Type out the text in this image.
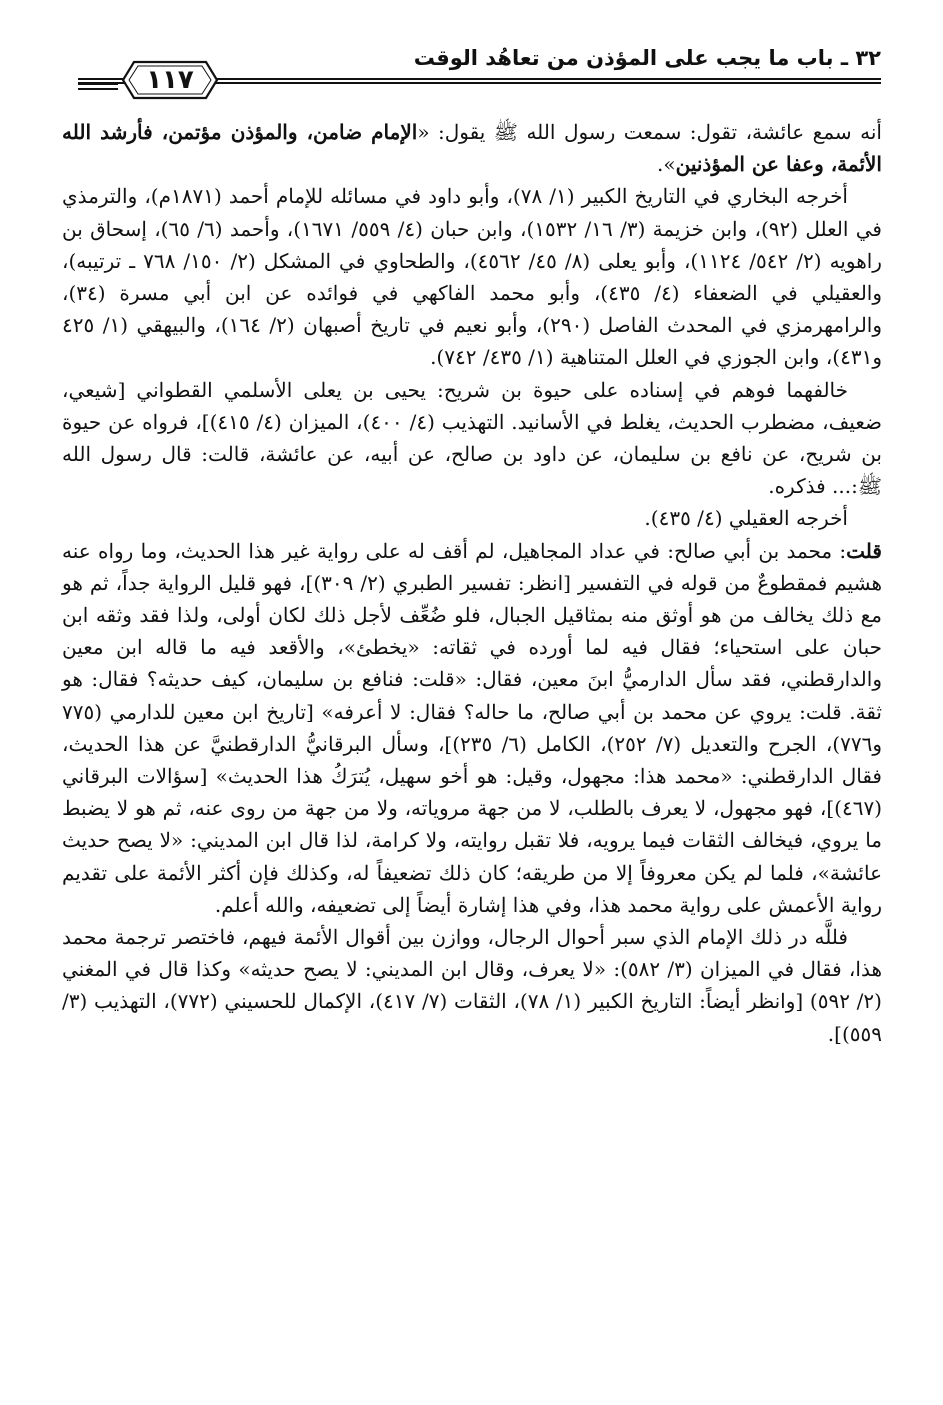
٣٢ ـ باب ما يجب على المؤذن من تعاهُد الوقت
١١٧

أنه سمع عائشة، تقول: سمعت رسول الله ﷺ يقول: «الإمام ضامن، والمؤذن مؤتمن، فأرشد الله الأئمة، وعفا عن المؤذنين».

أخرجه البخاري في التاريخ الكبير (١/ ٧٨)، وأبو داود في مسائله للإمام أحمد (١٨٧١م)، والترمذي في العلل (٩٢)، وابن خزيمة (٣/ ١٦/ ١٥٣٢)، وابن حبان (٤/ ٥٥٩/ ١٦٧١)، وأحمد (٦/ ٦٥)، إسحاق بن راهويه (٢/ ٥٤٢/ ١١٢٤)، وأبو يعلى (٨/ ٤٥/ ٤٥٦٢)، والطحاوي في المشكل (٢/ ١٥٠/ ٧٦٨ ـ ترتيبه)، والعقيلي في الضعفاء (٤/ ٤٣٥)، وأبو محمد الفاكهي في فوائده عن ابن أبي مسرة (٣٤)، والرامهرمزي في المحدث الفاصل (٢٩٠)، وأبو نعيم في تاريخ أصبهان (٢/ ١٦٤)، والبيهقي (١/ ٤٢٥ و٤٣١)، وابن الجوزي في العلل المتناهية (١/ ٤٣٥/ ٧٤٢).

خالفهما فوهم في إسناده على حيوة بن شريح: يحيى بن يعلى الأسلمي القطواني [شيعي، ضعيف، مضطرب الحديث، يغلط في الأسانيد. التهذيب (٤/ ٤٠٠)، الميزان (٤/ ٤١٥)]، فرواه عن حيوة بن شريح، عن نافع بن سليمان، عن داود بن صالح، عن أبيه، عن عائشة، قالت: قال رسول الله ﷺ:... فذكره.

أخرجه العقيلي (٤/ ٤٣٥).

قلت: محمد بن أبي صالح: في عداد المجاهيل، لم أقف له على رواية غير هذا الحديث، وما رواه عنه هشيم فمقطوعٌ من قوله في التفسير [انظر: تفسير الطبري (٢/ ٣٠٩)]، فهو قليل الرواية جداً، ثم هو مع ذلك يخالف من هو أوثق منه بمثاقيل الجبال، فلو ضُعِّف لأجل ذلك لكان أولى، ولذا فقد وثقه ابن حبان على استحياء؛ فقال فيه لما أورده في ثقاته: «يخطئ»، والأقعد فيه ما قاله ابن معين والدارقطني، فقد سأل الدارميُّ ابنَ معين، فقال: «قلت: فنافع بن سليمان، كيف حديثه؟ فقال: هو ثقة. قلت: يروي عن محمد بن أبي صالح، ما حاله؟ فقال: لا أعرفه» [تاريخ ابن معين للدارمي (٧٧٥ و٧٧٦)، الجرح والتعديل (٧/ ٢٥٢)، الكامل (٦/ ٢٣٥)]، وسأل البرقانيُّ الدارقطنيَّ عن هذا الحديث، فقال الدارقطني: «محمد هذا: مجهول، وقيل: هو أخو سهيل، يُترَكُ هذا الحديث» [سؤالات البرقاني (٤٦٧)]، فهو مجهول، لا يعرف بالطلب، لا من جهة مروياته، ولا من جهة من روى عنه، ثم هو لا يضبط ما يروي، فيخالف الثقات فيما يرويه، فلا تقبل روايته، ولا كرامة، لذا قال ابن المديني: «لا يصح حديث عائشة»، فلما لم يكن معروفاً إلا من طريقه؛ كان ذلك تضعيفاً له، وكذلك فإن أكثر الأئمة على تقديم رواية الأعمش على رواية محمد هذا، وفي هذا إشارة أيضاً إلى تضعيفه، والله أعلم.

فللَّه در ذلك الإمام الذي سبر أحوال الرجال، ووازن بين أقوال الأئمة فيهم، فاختصر ترجمة محمد هذا، فقال في الميزان (٣/ ٥٨٢): «لا يعرف، وقال ابن المديني: لا يصح حديثه» وكذا قال في المغني (٢/ ٥٩٢) [وانظر أيضاً: التاريخ الكبير (١/ ٧٨)، الثقات (٧/ ٤١٧)، الإكمال للحسيني (٧٧٢)، التهذيب (٣/ ٥٥٩)].
